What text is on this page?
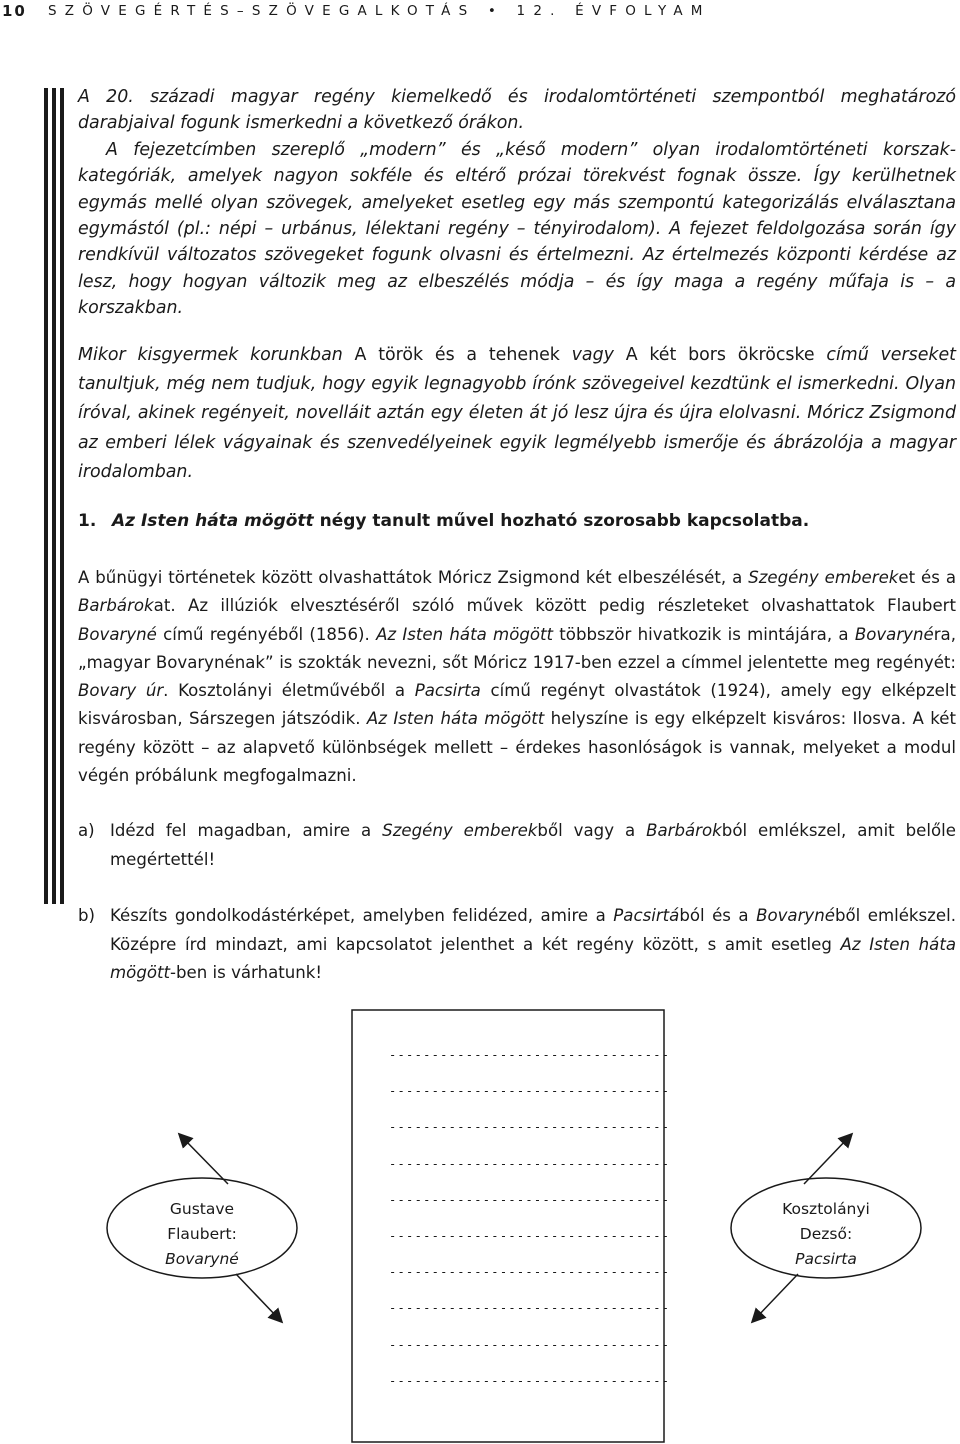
10 SZÖVEGÉRTÉS–SZÖVEGALKOTÁS • 12. ÉVFOLYAM

A 20. századi magyar regény kiemelkedő és irodalomtörténeti szempontból meghatározó darabjaival fogunk ismerkedni a következő órákon.

A fejezetcímben szereplő „modern” és „késő modern” olyan irodalomtörténeti korszak-kategóriák, amelyek nagyon sokféle és eltérő prózai törekvést fognak össze. Így kerülhetnek egymás mellé olyan szövegek, amelyeket esetleg egy más szempontú kategorizálás elválasztana egymástól (pl.: népi – urbánus, lélektani regény – tényirodalom). A fejezet feldolgozása során így rendkívül változatos szövegeket fogunk olvasni és értelmezni. Az értelmezés központi kérdése az lesz, hogy hogyan változik meg az elbeszélés módja – és így maga a regény műfaja is – a korszakban.

Mikor kisgyermek korunkban A török és a tehenek vagy A két bors ökröcske című verseket tanultjuk, még nem tudjuk, hogy egyik legnagyobb írónk szövegeivel kezdtünk el ismerkedni. Olyan íróval, akinek regényeit, novelláit aztán egy életen át jó lesz újra és újra elolvasni. Móricz Zsigmond az emberi lélek vágyainak és szenvedélyeinek egyik legmélyebb ismerője és ábrázolója a magyar irodalomban.

1. Az Isten háta mögött négy tanult művel hozható szorosabb kapcsolatba.

A bűnügyi történetek között olvashattátok Móricz Zsigmond két elbeszélését, a Szegény embereket és a Barbárokat. Az illúziók elvesztéséről szóló művek között pedig részleteket olvashattatok Flaubert Bovaryné című regényéből (1856). Az Isten háta mögött többször hivatkozik is mintájára, a Bovarynéra, „magyar Bovarynénak” is szokták nevezni, sőt Móricz 1917-ben ezzel a címmel jelentette meg regényét: Bovary úr. Kosztolányi életművéből a Pacsirta című regényt olvastátok (1924), amely egy elképzelt kisvárosban, Sárszegen játszódik. Az Isten háta mögött helyszíne is egy elképzelt kisváros: Ilosva. A két regény között – az alapvető különbségek mellett – érdekes hasonlóságok is vannak, melyeket a modul végén próbálunk megfogalmazni.

a) Idézd fel magadban, amire a Szegény emberekből vagy a Barbárokból emlékszel, amit belőle megértettél!
b) Készíts gondolkodástérképet, amelyben felidézed, amire a Pacsirtából és a Bovarynéből emlékszel. Középre írd mindazt, ami kapcsolatot jelenthet a két regény között, s amit esetleg Az Isten háta mögött-ben is várhatunk!
Gustave
Flaubert:
Bovaryné
Kosztolányi
Dezső:
Pacsirta
---------------------------------
---------------------------------
---------------------------------
---------------------------------
---------------------------------
---------------------------------
---------------------------------
---------------------------------
---------------------------------
---------------------------------
